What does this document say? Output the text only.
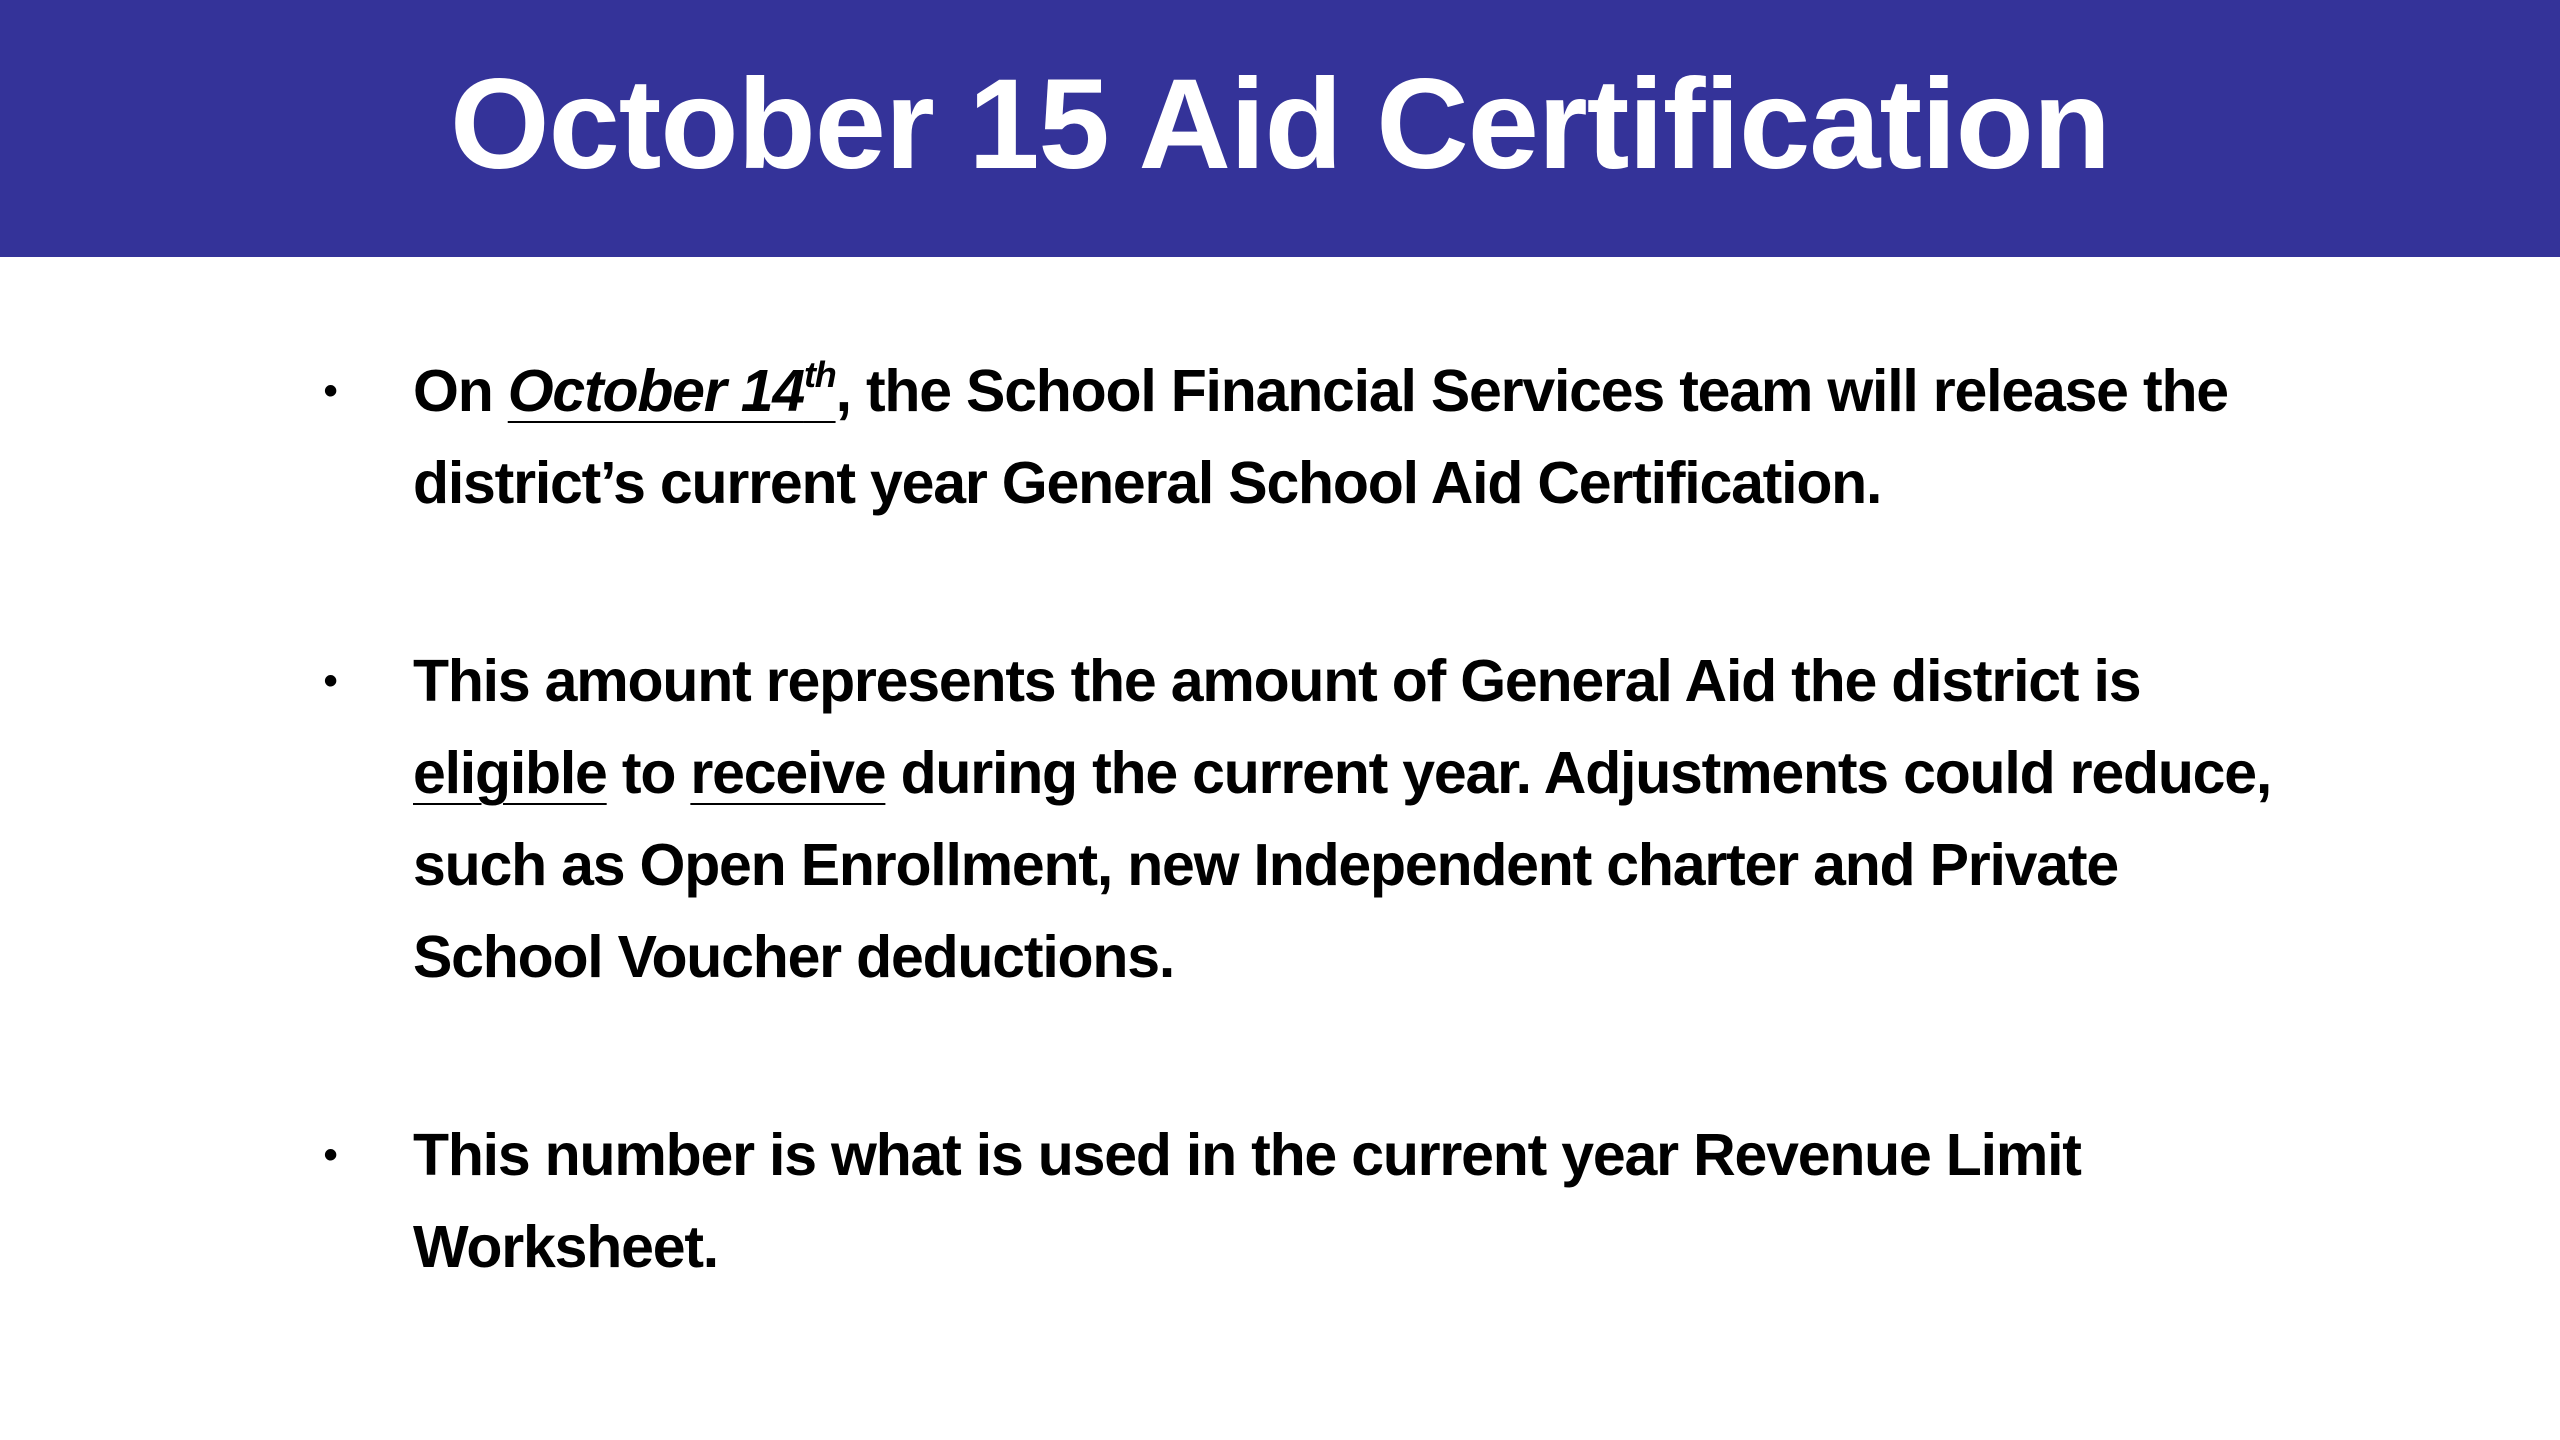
October 15 Aid Certification
• On October 14th, the School Financial Services team will release the district’s current year General School Aid Certification.
• This amount represents the amount of General Aid the district is eligible to receive during the current year. Adjustments could reduce, such as Open Enrollment, new Independent charter and Private School Voucher deductions.
• This number is what is used in the current year Revenue Limit Worksheet.
